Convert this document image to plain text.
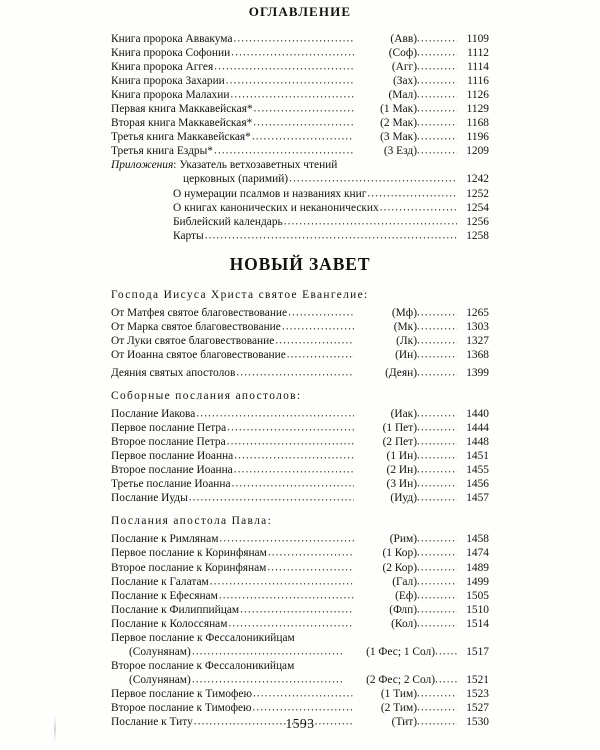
ОГЛАВЛЕНИЕ
Книга пророка Аввакума .....	(Авв) .....	1109
Книга пророка Софонии .....	(Соф) .....	1112
Книга пророка Аггея .....	(Агг) .....	1114
Книга пророка Захарии .....	(Зах) .....	1116
Книга пророка Малахии .....	(Мал) .....	1126
Первая книга Маккавейская* .....	(1 Мак) .....	1129
Вторая книга Маккавейская* .....	(2 Мак) .....	1168
Третья книга Маккавейская* .....	(3 Мак) .....	1196
Третья книга Ездры* .....	(3 Езд) .....	1209
Приложения: Указатель ветхозаветных чтений
церковных (паримий) .....	1242
О нумерации псалмов и названиях книг .....	1252
О книгах канонических и неканонических .....	1254
Библейский календарь .....	1256
Карты .....	1258
НОВЫЙ ЗАВЕТ
Господа Иисуса Христа святое Евангелие:
От Матфея святое благовествование .....	(Мф) .....	1265
От Марка святое благовествование .....	(Мк) .....	1303
От Луки святое благовествование .....	(Лк) .....	1327
От Иоанна святое благовествование .....	(Ин) .....	1368
Деяния святых апостолов .....	(Деян) .....	1399
Соборные послания апостолов:
Послание Иакова .....	(Иак) .....	1440
Первое послание Петра .....	(1 Пет) .....	1444
Второе послание Петра .....	(2 Пет) .....	1448
Первое послание Иоанна .....	(1 Ин) .....	1451
Второе послание Иоанна .....	(2 Ин) .....	1455
Третье послание Иоанна .....	(3 Ин) .....	1456
Послание Иуды .....	(Иуд) .....	1457
Послания апостола Павла:
Послание к Римлянам .....	(Рим) .....	1458
Первое послание к Коринфянам .....	(1 Кор) .....	1474
Второе послание к Коринфянам .....	(2 Кор) .....	1489
Послание к Галатам .....	(Гал) .....	1499
Послание к Ефесянам .....	(Еф) .....	1505
Послание к Филиппийцам .....	(Флп) .....	1510
Послание к Колоссянам .....	(Кол) .....	1514
Первое послание к Фессалоникийцам
(Солунянам) .....	(1 Фес; 1 Сол) ......	1517
Второе послание к Фессалоникийцам
(Солунянам) .....	(2 Фес; 2 Сол) ......	1521
Первое послание к Тимофею .....	(1 Тим) .....	1523
Второе послание к Тимофею .....	(2 Тим) .....	1527
Послание к Титу .....	(Тит) .....	1530
1593
